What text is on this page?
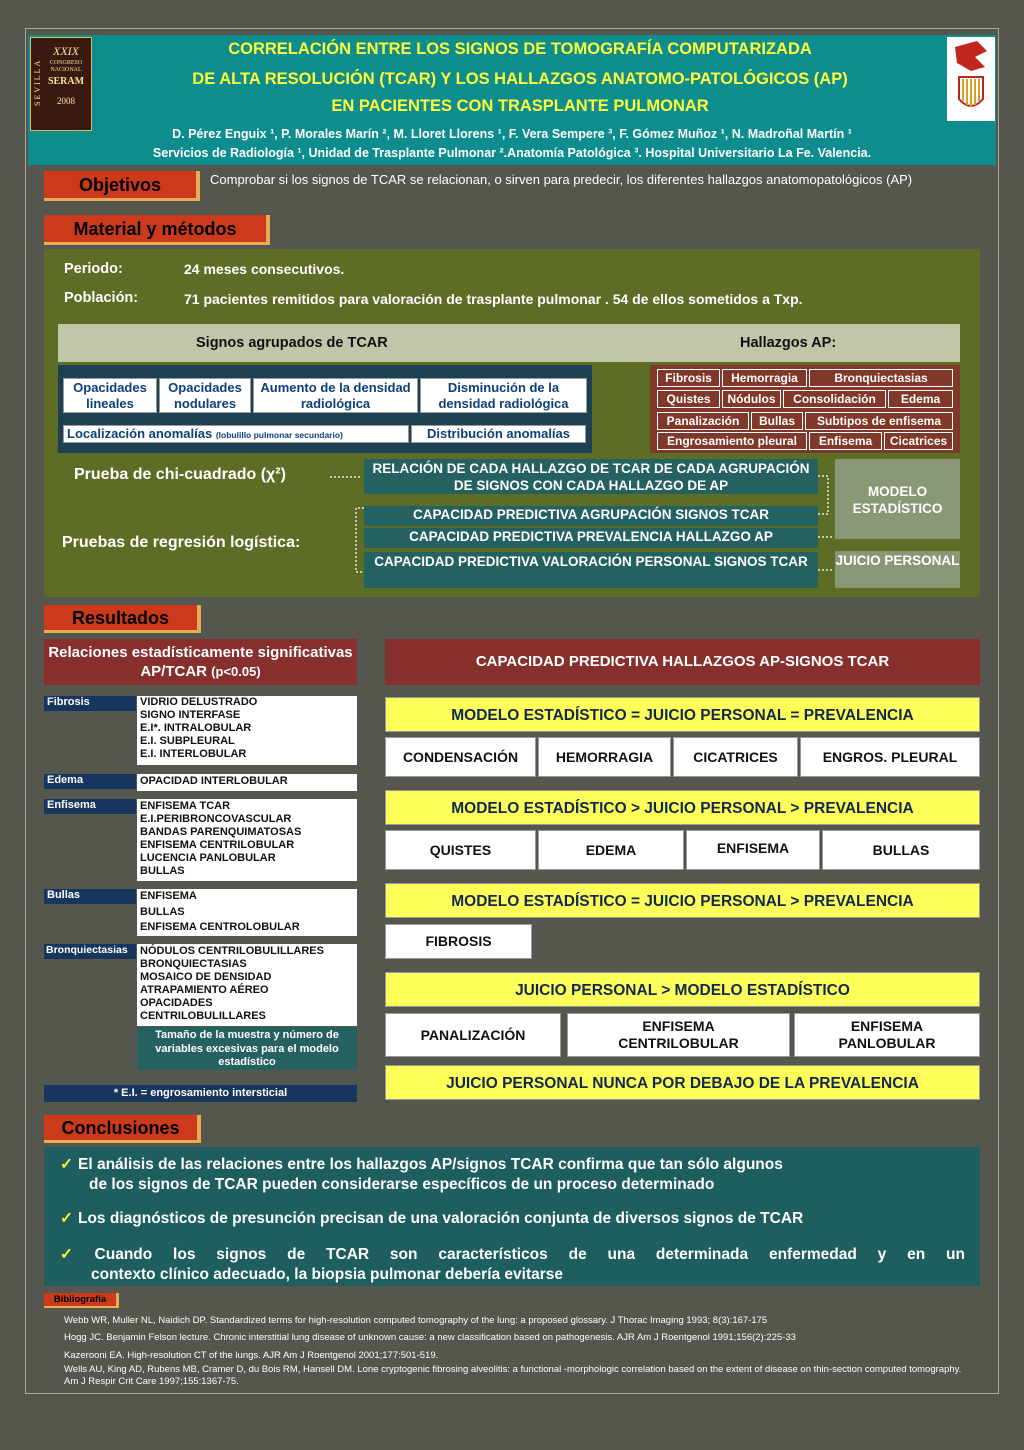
SEVILLA
XXIX
CONGRESO
NACIONAL
SERAM
2008
CORRELACIÓN ENTRE LOS SIGNOS DE TOMOGRAFÍA COMPUTARIZADA
DE ALTA RESOLUCIÓN (TCAR) Y LOS HALLAZGOS ANATOMO-PATOLÓGICOS (AP)
EN PACIENTES CON TRASPLANTE PULMONAR
D. Pérez Enguix ¹, P. Morales Marín ², M. Lloret Llorens ¹, F. Vera Sempere ³, F. Gómez Muñoz ¹, N. Madroñal Martín ¹
Servicios de Radiología ¹, Unidad de Trasplante Pulmonar ².Anatomía Patológica ³. Hospital Universitario La Fe. Valencia.
Objetivos	Comprobar si los signos de TCAR se relacionan, o sirven para predecir, los diferentes hallazgos anatomopatológicos (AP)
Material y métodos
Periodo:	24 meses consecutivos.
Población:	71 pacientes remitidos para valoración de trasplante pulmonar . 54 de ellos sometidos a Txp.
Signos agrupados de TCAR	Hallazgos AP:
Opacidades lineales
Opacidades nodulares
Aumento de la densidad radiológica
Disminución de la densidad radiológica
Localización anomalías (lobulillo pulmonar secundario)	Distribución anomalías
Fibrosis	Hemorragia	Bronquiectasias
Quistes	Nódulos	Consolidación	Edema
Panalización	Bullas	Subtipos de enfisema
Engrosamiento pleural	Enfisema	Cicatrices
Prueba de chi-cuadrado (χ²)
Pruebas de regresión logística:
RELACIÓN DE CADA HALLAZGO DE TCAR DE CADA AGRUPACIÓN DE SIGNOS CON CADA HALLAZGO DE AP
CAPACIDAD PREDICTIVA AGRUPACIÓN SIGNOS TCAR
CAPACIDAD PREDICTIVA PREVALENCIA HALLAZGO AP
CAPACIDAD PREDICTIVA VALORACIÓN PERSONAL SIGNOS TCAR
MODELO ESTADÍSTICO
JUICIO PERSONAL
Resultados
Relaciones estadísticamente significativas AP/TCAR (p<0.05)
Fibrosis	VIDRIO DELUSTRADO
SIGNO INTERFASE
E.I*. INTRALOBULAR
E.I. SUBPLEURAL
E.I. INTERLOBULAR
Edema	OPACIDAD INTERLOBULAR
Enfisema	ENFISEMA TCAR
E.I.PERIBRONCOVASCULAR
BANDAS PARENQUIMATOSAS
ENFISEMA CENTRILOBULAR
LUCENCIA PANLOBULAR
BULLAS
Bullas	ENFISEMA
BULLAS
ENFISEMA CENTROLOBULAR
Bronquiectasias	NÓDULOS CENTRILOBULILLARES
BRONQUIECTASIAS
MOSAICO DE DENSIDAD
ATRAPAMIENTO AÉREO
OPACIDADES
CENTRILOBULILLARES
Tamaño de la muestra y número de variables excesivas para el modelo estadístico
* E.I. = engrosamiento intersticial
CAPACIDAD PREDICTIVA HALLAZGOS AP-SIGNOS TCAR
MODELO ESTADÍSTICO = JUICIO PERSONAL = PREVALENCIA
CONDENSACIÓN	HEMORRAGIA	CICATRICES	ENGROS. PLEURAL
MODELO ESTADÍSTICO > JUICIO PERSONAL > PREVALENCIA
QUISTES	EDEMA	ENFISEMA	BULLAS
MODELO ESTADÍSTICO = JUICIO PERSONAL > PREVALENCIA
FIBROSIS
JUICIO PERSONAL > MODELO ESTADÍSTICO
PANALIZACIÓN
ENFISEMA CENTRILOBULAR
ENFISEMA PANLOBULAR
JUICIO PERSONAL NUNCA POR DEBAJO DE LA PREVALENCIA
Conclusiones

✓ El análisis de las relaciones entre los hallazgos AP/signos TCAR confirma que tan sólo algunos

de los signos de TCAR pueden considerarse específicos de un proceso determinado

✓ Los diagnósticos de presunción precisan de una valoración conjunta de diversos signos de TCAR

✓ Cuando los signos de TCAR son característicos de una determinada enfermedad y en un

contexto clínico adecuado, la biopsia pulmonar debería evitarse

Bibliografía
Webb WR, Muller NL, Naidich DP. Standardized terms for high-resolution computed tomography of the lung: a proposed glossary. J Thorac Imaging 1993; 8(3):167-175
Hogg JC. Benjamin Felson lecture. Chronic interstitial lung disease of unknown cause: a new classification based on pathogenesis. AJR Am J Roentgenol 1991;156(2):225-33
Kazerooni EA. High-resolution CT of the lungs. AJR Am J Roentgenol 2001;177:501-519.
Wells AU, King AD, Rubens MB, Cramer D, du Bois RM, Hansell DM. Lone cryptogenic fibrosing alveolitis: a functional -morphologic correlation based on the extent of disease on thin-section computed tomography. Am J Respir Crit Care 1997;155:1367-75.
